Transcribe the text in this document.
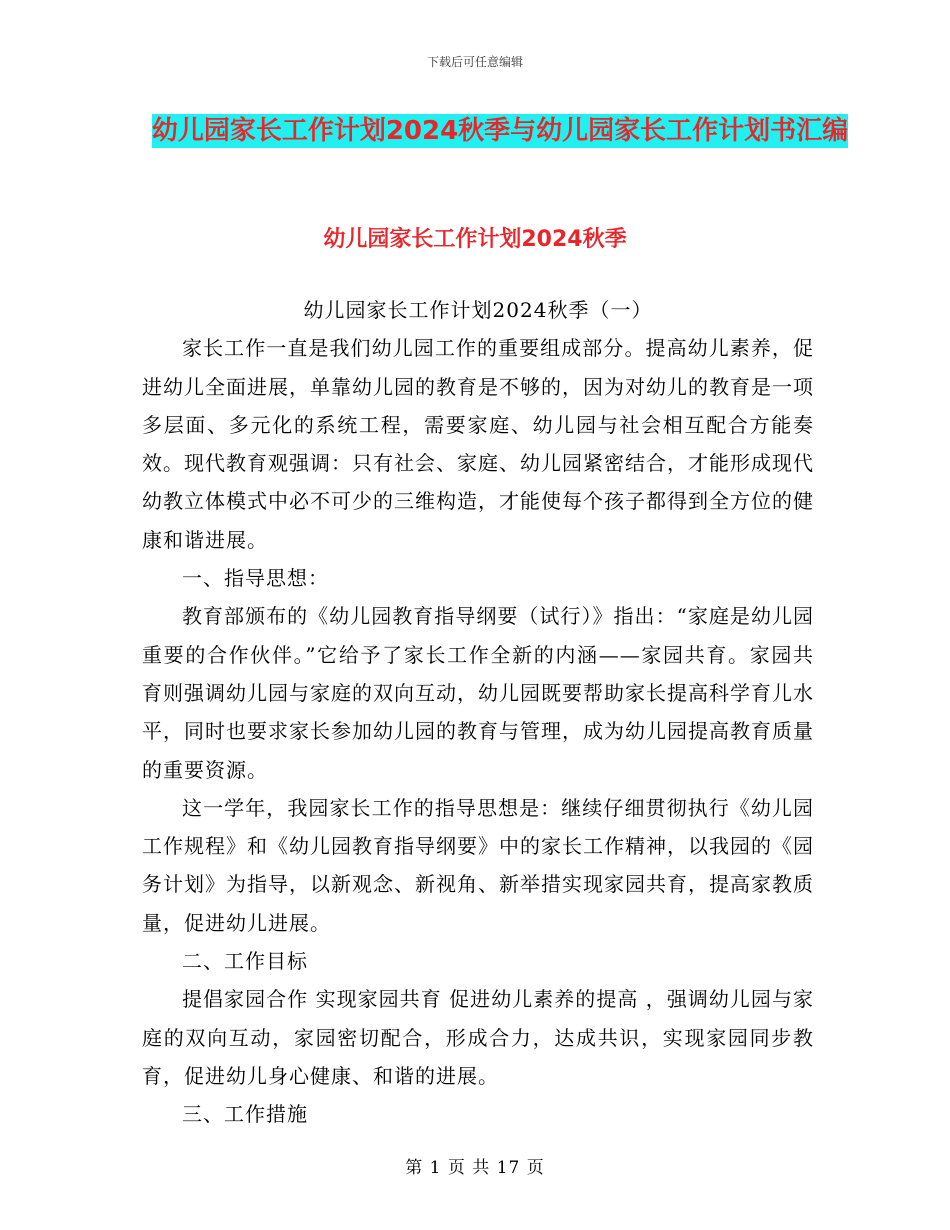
下载后可任意编辑
幼儿园家长工作计划2024秋季与幼儿园家长工作计划书汇编
幼儿园家长工作计划2024秋季

幼儿园家长工作计划2024秋季（一）

家长工作一直是我们幼儿园工作的重要组成部分。提高幼儿素养，促进幼儿全面进展，单靠幼儿园的教育是不够的，因为对幼儿的教育是一项多层面、多元化的系统工程，需要家庭、幼儿园与社会相互配合方能奏效。现代教育观强调：只有社会、家庭、幼儿园紧密结合，才能形成现代幼教立体模式中必不可少的三维构造，才能使每个孩子都得到全方位的健康和谐进展。

一、指导思想：

教育部颁布的《幼儿园教育指导纲要（试行）》指出：“家庭是幼儿园重要的合作伙伴。”它给予了家长工作全新的内涵——家园共育。家园共育则强调幼儿园与家庭的双向互动，幼儿园既要帮助家长提高科学育儿水平，同时也要求家长参加幼儿园的教育与管理，成为幼儿园提高教育质量的重要资源。

这一学年，我园家长工作的指导思想是：继续仔细贯彻执行《幼儿园工作规程》和《幼儿园教育指导纲要》中的家长工作精神，以我园的《园务计划》为指导，以新观念、新视角、新举措实现家园共育，提高家教质量，促进幼儿进展。

二、工作目标

提倡家园合作 实现家园共育 促进幼儿素养的提高 ，强调幼儿园与家庭的双向互动，家园密切配合，形成合力，达成共识，实现家园同步教育，促进幼儿身心健康、和谐的进展。

三、工作措施

第 1 页 共 17 页
